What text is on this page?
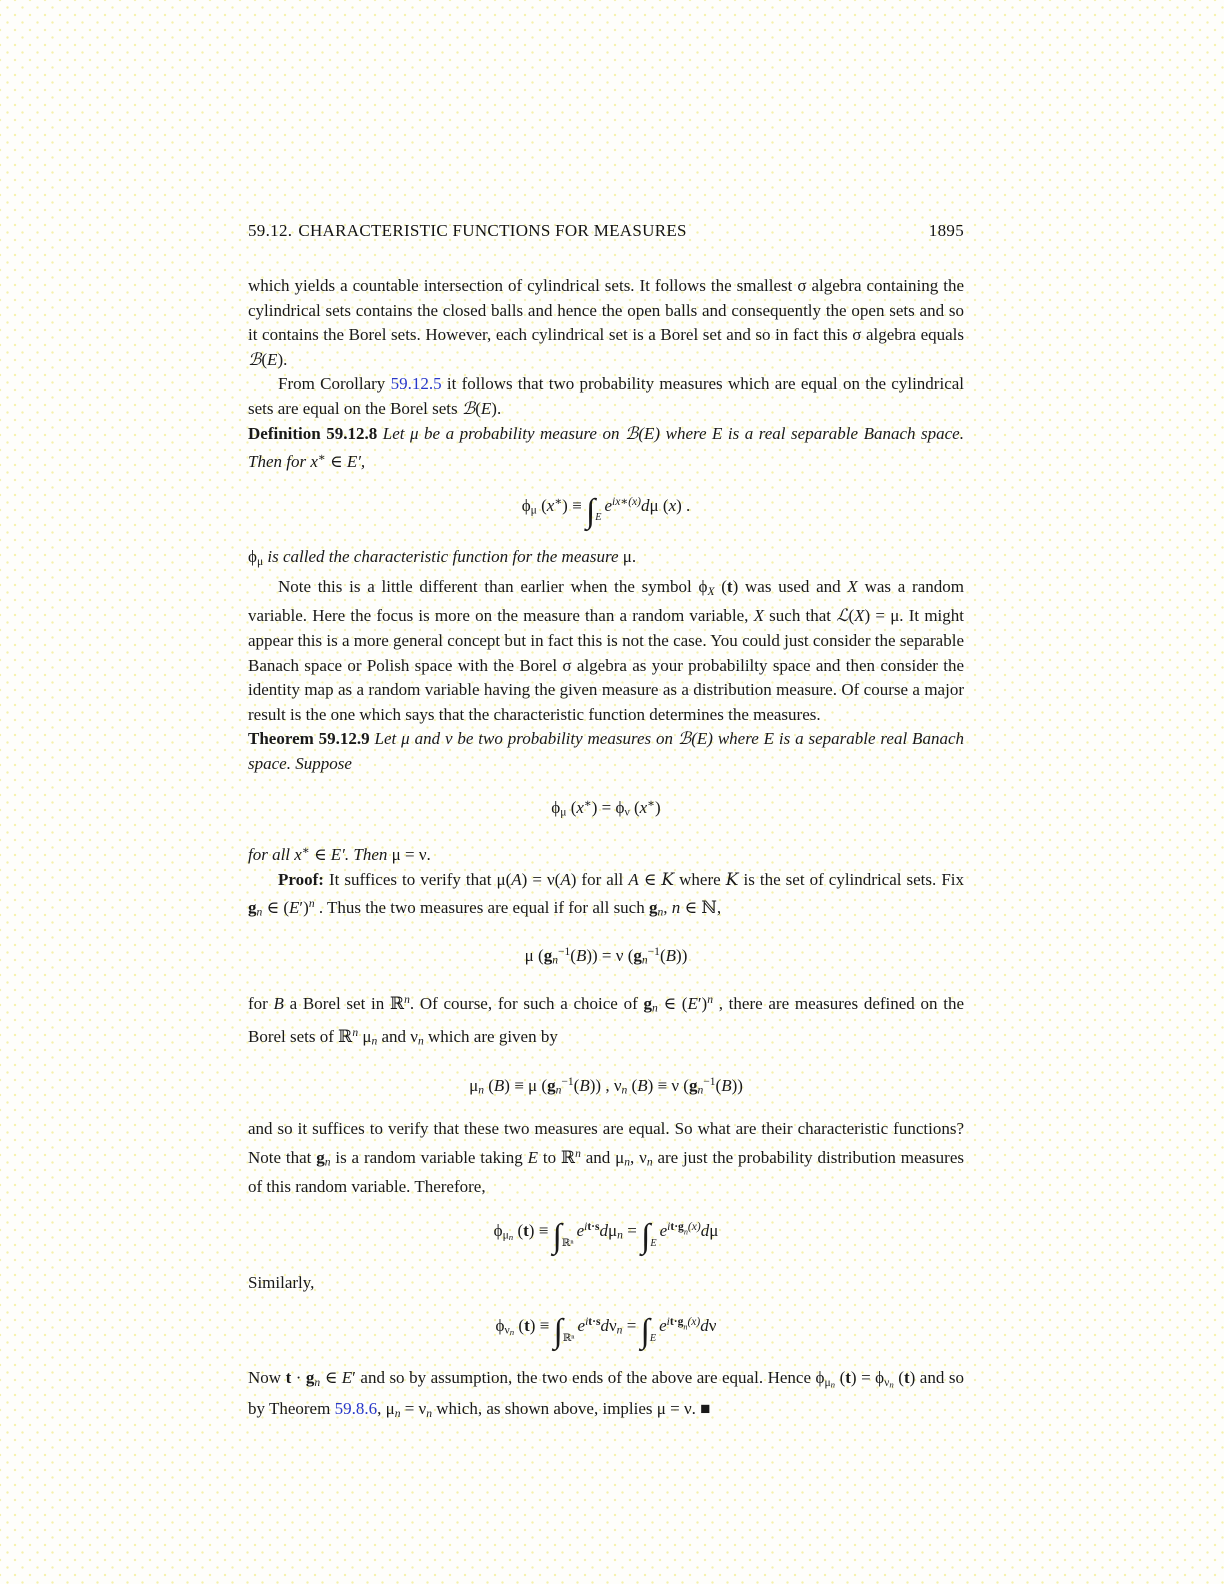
59.12. CHARACTERISTIC FUNCTIONS FOR MEASURES	1895

which yields a countable intersection of cylindrical sets. It follows the smallest σ algebra containing the cylindrical sets contains the closed balls and hence the open balls and consequently the open sets and so it contains the Borel sets. However, each cylindrical set is a Borel set and so in fact this σ algebra equals ℬ(E).

From Corollary 59.12.5 it follows that two probability measures which are equal on the cylindrical sets are equal on the Borel sets ℬ(E).

Definition 59.12.8 Let μ be a probability measure on ℬ(E) where E is a real separable Banach space. Then for x∗ ∈ E′,

ϕμ $(x^∗) \equiv \int_Ee^{ix∗(x)}d\mu$ (x) .

ϕμ is called the characteristic function for the measure μ.

Note this is a little different than earlier when the symbol ϕX (t) was used and X was a random variable. Here the focus is more on the measure than a random variable, X such that ℒ(X) = μ. It might appear this is a more general concept but in fact this is not the case. You could just consider the separable Banach space or Polish space with the Borel σ algebra as your probabililty space and then consider the identity map as a random variable having the given measure as a distribution measure. Of course a major result is the one which says that the characteristic function determines the measures.

Theorem 59.12.9 Let μ and ν be two probability measures on ℬ(E) where E is a separable real Banach space. Suppose

ϕμ (x∗) = ϕν (x∗)

for all x∗ ∈ E′. Then μ = ν.

Proof: It suffices to verify that μ(A) = ν(A) for all A ∈ K where K is the set of cylindrical sets. Fix gn ∈ $(E')^n$ . Thus the two measures are equal if for all such gn, n ∈ ℕ,

μ $(gn^{-1}(B)) = \nu$ $(gn^{-1}(B))$

for B a Borel set in ℝ$^n$. Of course, for such a choice of gn ∈ $(E')^n$ , there are measures defined on the Borel sets of ℝ$^n$ μn and νn which are given by

μn (B) ≡ μ $(gn^{-1}(B))$ , νn (B) ≡ ν $(gn^{-1}(B))$

and so it suffices to verify that these two measures are equal. So what are their characteristic functions? Note that gn is a random variable taking E to ℝ$^n$ and μn, νn are just the probability distribution measures of this random variable. Therefore,

$\phi\mu_n$ $(t) \equiv \int_{ℝ^n}e^{it\cdot s}d\mu n = \int_Ee^{it\cdot g}n^{(x)}d\mu$

Similarly,

$\phi\nu_n$ $(t) \equiv \int_{ℝ^n}e^{it\cdot s}d\nu n = \int_Ee^{it\cdot g}n^{(x)}d\nu$

Now t · gn ∈ E′ and so by assumption, the two ends of the above are equal. Hence $\phi\mu_n$ $(t) = \phi\nu_n$ (t) and so by Theorem 59.8.6, μn = νn which, as shown above, implies μ = ν. ■
